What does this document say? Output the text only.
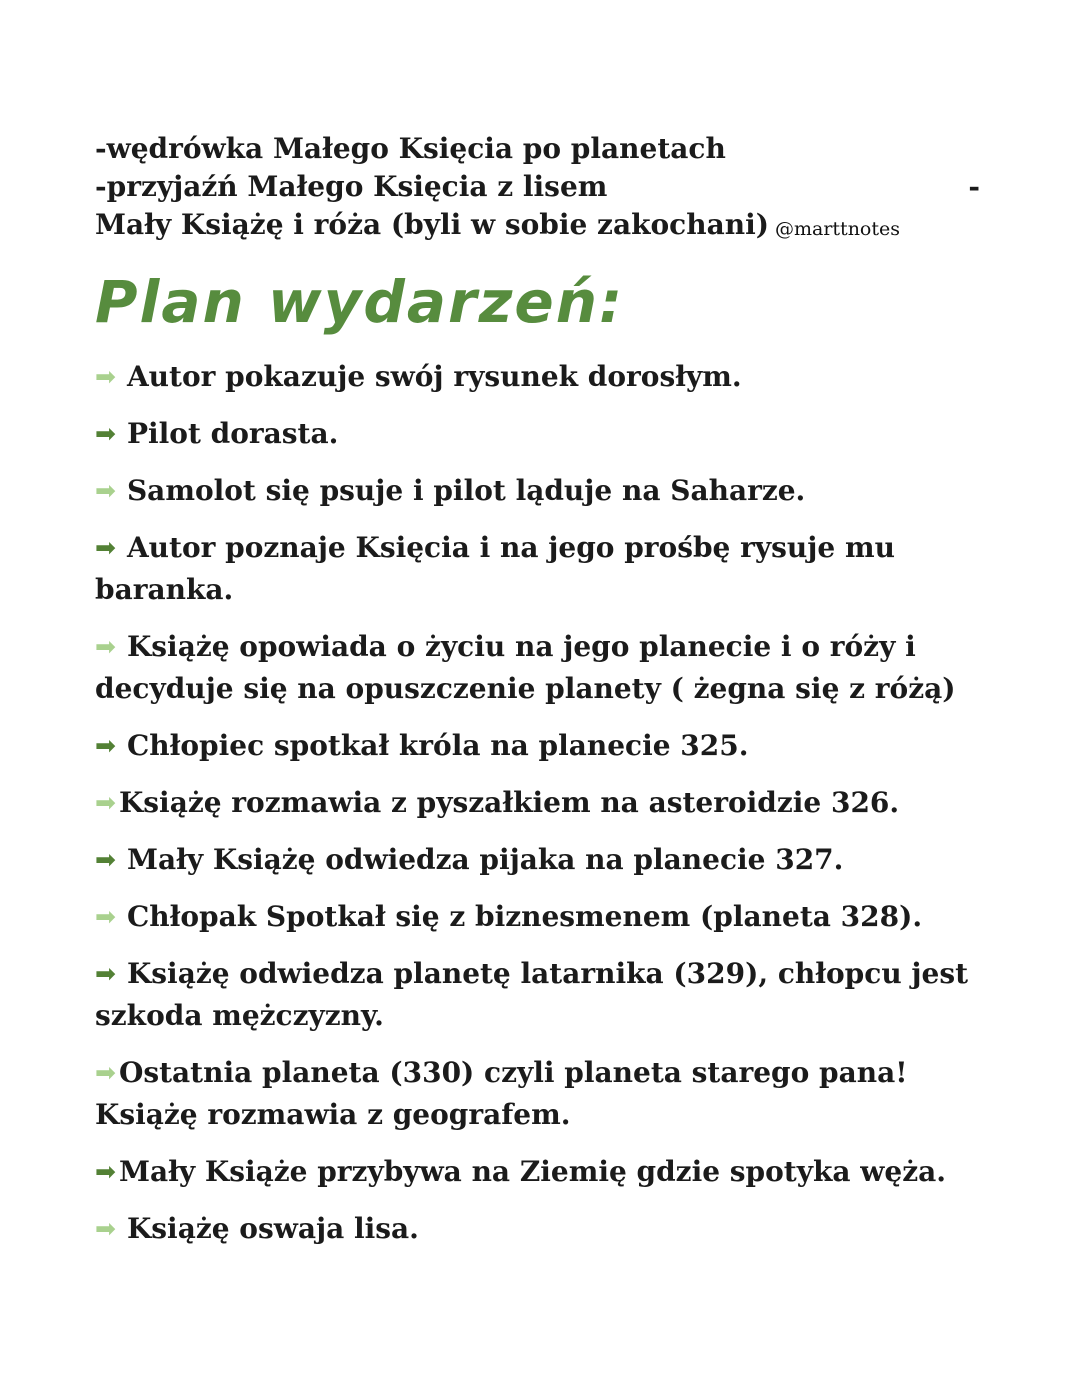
-wędrówka Małego Księcia po planetach
-przyjaźń Małego Księcia z lisem
Mały Książę i róża (byli w sobie zakochani)
-
@marttnotes
Plan wydarzeń:
➡ Autor pokazuje swój rysunek dorosłym.
➡ Pilot dorasta.
➡ Samolot się psuje i pilot ląduje na Saharze.
➡ Autor poznaje Księcia i na jego prośbę rysuje mu baranka.
➡ Książę opowiada o życiu na jego planecie i o róży i decyduje się na opuszczenie planety ( żegna się z różą)
➡ Chłopiec spotkał króla na planecie 325.
➡ Książę rozmawia z pyszałkiem na asteroidzie 326.
➡ Mały Książę odwiedza pijaka na planecie 327.
➡ Chłopak Spotkał się z biznesmenem (planeta 328).
➡ Książę odwiedza planetę latarnika (329), chłopcu jest szkoda mężczyzny.
➡ Ostatnia planeta (330) czyli planeta starego pana! Książę rozmawia z geografem.
➡ Mały Książe przybywa na Ziemię gdzie spotyka węża.
➡ Książę oswaja lisa.
